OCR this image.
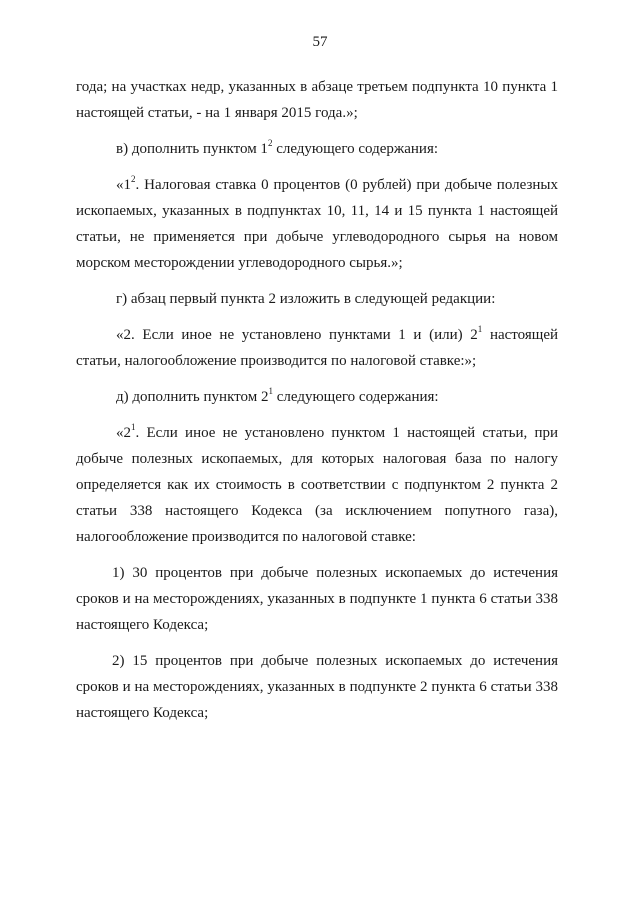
57

года; на участках недр, указанных в абзаце третьем подпункта 10 пункта 1
настоящей статьи, - на 1 января 2015 года.»;

в) дополнить пунктом $1^2$ следующего содержания:

«$1^2$. Налоговая ставка 0 процентов (0 рублей) при добыче полезных
ископаемых, указанных в подпунктах 10, 11, 14 и 15 пункта 1 настоящей
статьи, не применяется при добыче углеводородного сырья на новом
морском месторождении углеводородного сырья.»;

г) абзац первый пункта 2 изложить в следующей редакции:

«2. Если иное не установлено пунктами 1 и (или) $2^1$ настоящей
статьи, налогообложение производится по налоговой ставке:»;

д) дополнить пунктом $2^1$ следующего содержания:

«$2^1$. Если иное не установлено пунктом 1 настоящей статьи, при
добыче полезных ископаемых, для которых налоговая база по налогу
определяется как их стоимость в соответствии с подпунктом 2 пункта 2
статьи 338 настоящего Кодекса (за исключением попутного газа),
налогообложение производится по налоговой ставке:

1) 30 процентов при добыче полезных ископаемых до истечения
сроков и на месторождениях, указанных в подпункте 1 пункта 6 статьи 338
настоящего Кодекса;

2) 15 процентов при добыче полезных ископаемых до истечения
сроков и на месторождениях, указанных в подпункте 2 пункта 6 статьи 338
настоящего Кодекса;
